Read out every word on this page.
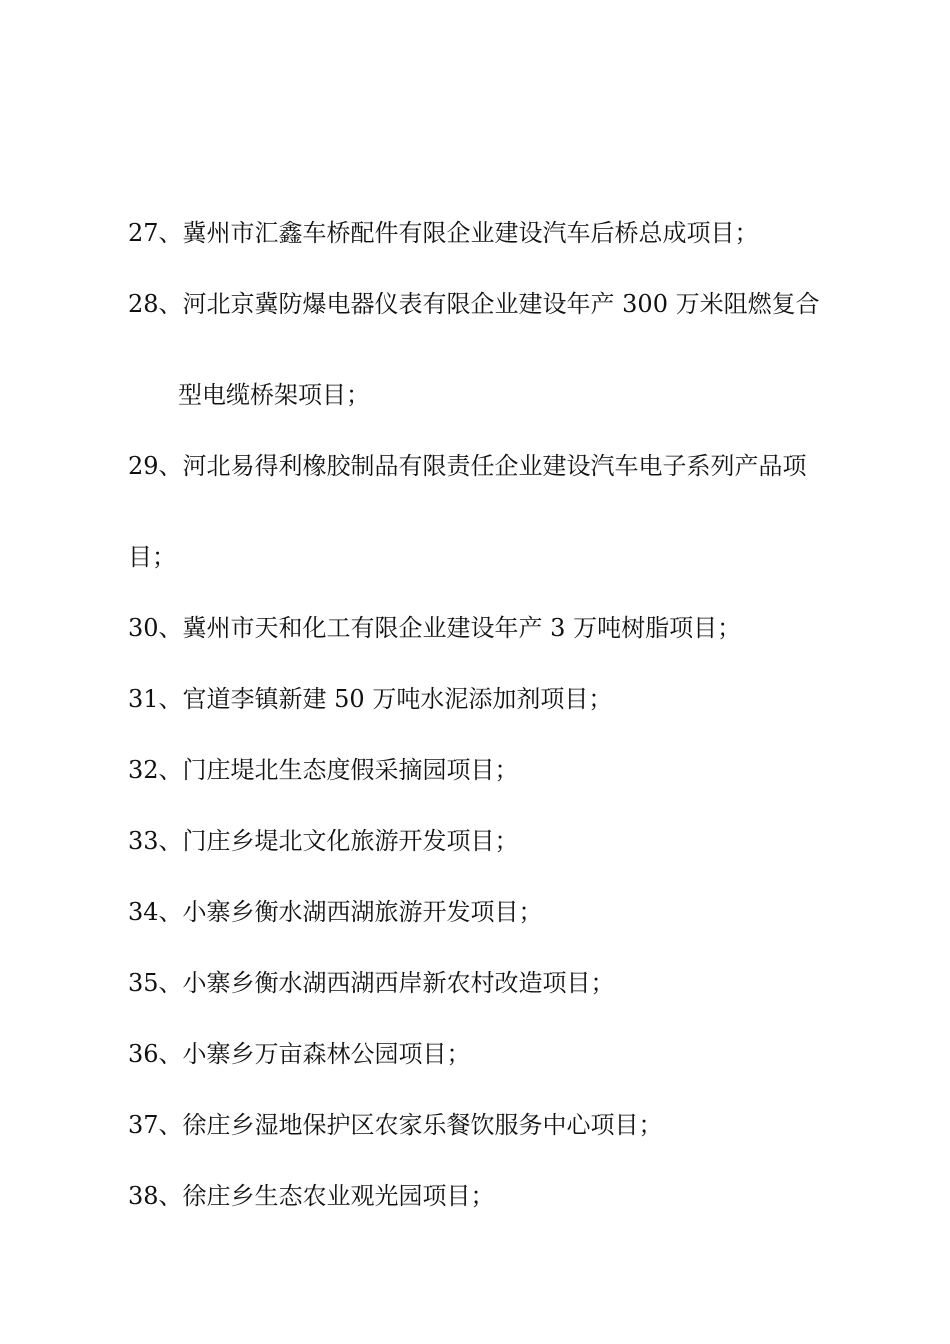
27、冀州市汇鑫车桥配件有限企业建设汽车后桥总成项目；

28、河北京冀防爆电器仪表有限企业建设年产 300 万米阻燃复合

型电缆桥架项目；

29、河北易得利橡胶制品有限责任企业建设汽车电子系列产品项

目；

30、冀州市天和化工有限企业建设年产 3 万吨树脂项目；

31、官道李镇新建 50 万吨水泥添加剂项目；

32、门庄堤北生态度假采摘园项目；

33、门庄乡堤北文化旅游开发项目；

34、小寨乡衡水湖西湖旅游开发项目；

35、小寨乡衡水湖西湖西岸新农村改造项目；

36、小寨乡万亩森林公园项目；

37、徐庄乡湿地保护区农家乐餐饮服务中心项目；

38、徐庄乡生态农业观光园项目；
